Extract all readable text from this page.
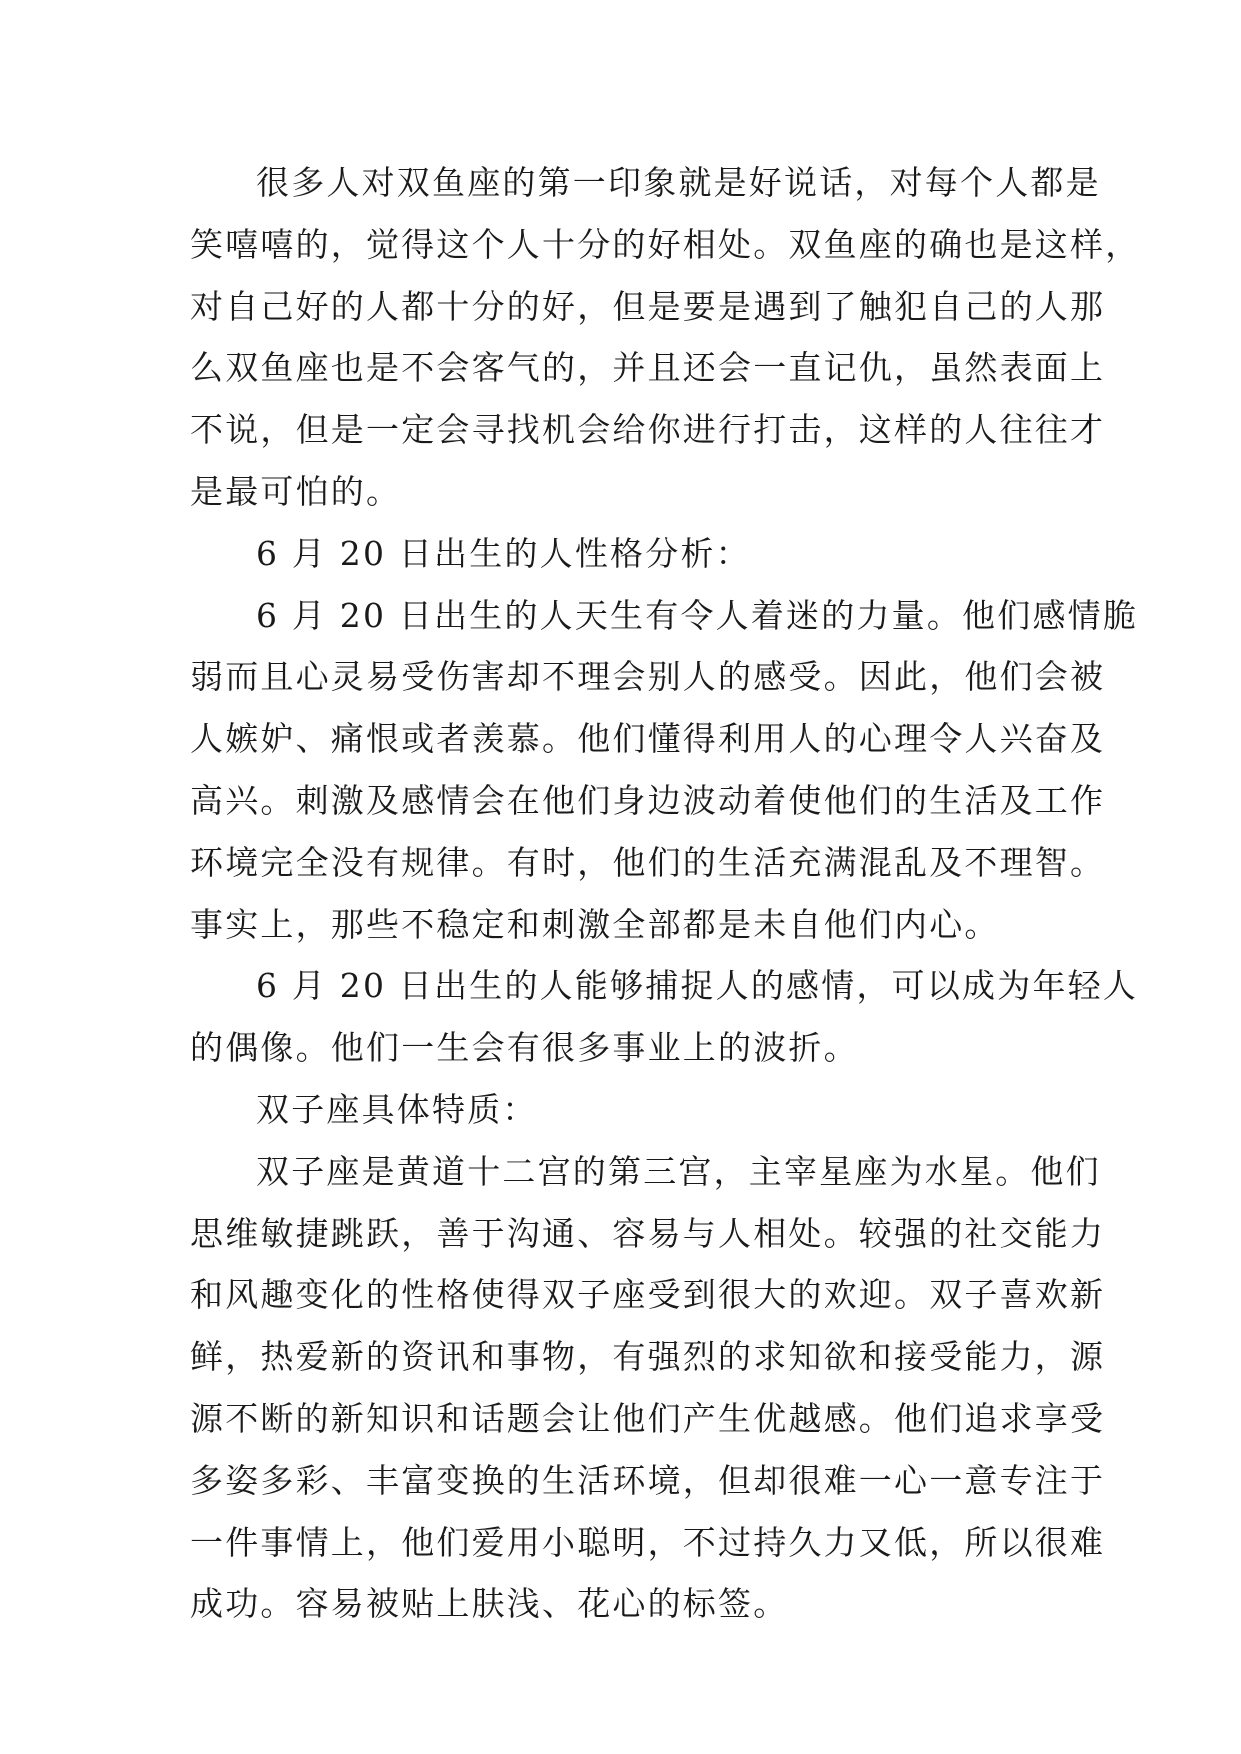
很多人对双鱼座的第一印象就是好说话，对每个人都是
笑嘻嘻的，觉得这个人十分的好相处。双鱼座的确也是这样，
对自己好的人都十分的好，但是要是遇到了触犯自己的人那
么双鱼座也是不会客气的，并且还会一直记仇，虽然表面上
不说，但是一定会寻找机会给你进行打击，这样的人往往才
是最可怕的。
6 月 20 日出生的人性格分析：
6 月 20 日出生的人天生有令人着迷的力量。他们感情脆
弱而且心灵易受伤害却不理会别人的感受。因此，他们会被
人嫉妒、痛恨或者羡慕。他们懂得利用人的心理令人兴奋及
高兴。刺激及感情会在他们身边波动着使他们的生活及工作
环境完全没有规律。有时，他们的生活充满混乱及不理智。
事实上，那些不稳定和刺激全部都是未自他们内心。
6 月 20 日出生的人能够捕捉人的感情，可以成为年轻人
的偶像。他们一生会有很多事业上的波折。
双子座具体特质：
双子座是黄道十二宫的第三宫，主宰星座为水星。他们
思维敏捷跳跃，善于沟通、容易与人相处。较强的社交能力
和风趣变化的性格使得双子座受到很大的欢迎。双子喜欢新
鲜，热爱新的资讯和事物，有强烈的求知欲和接受能力，源
源不断的新知识和话题会让他们产生优越感。他们追求享受
多姿多彩、丰富变换的生活环境，但却很难一心一意专注于
一件事情上，他们爱用小聪明，不过持久力又低，所以很难
成功。容易被贴上肤浅、花心的标签。
